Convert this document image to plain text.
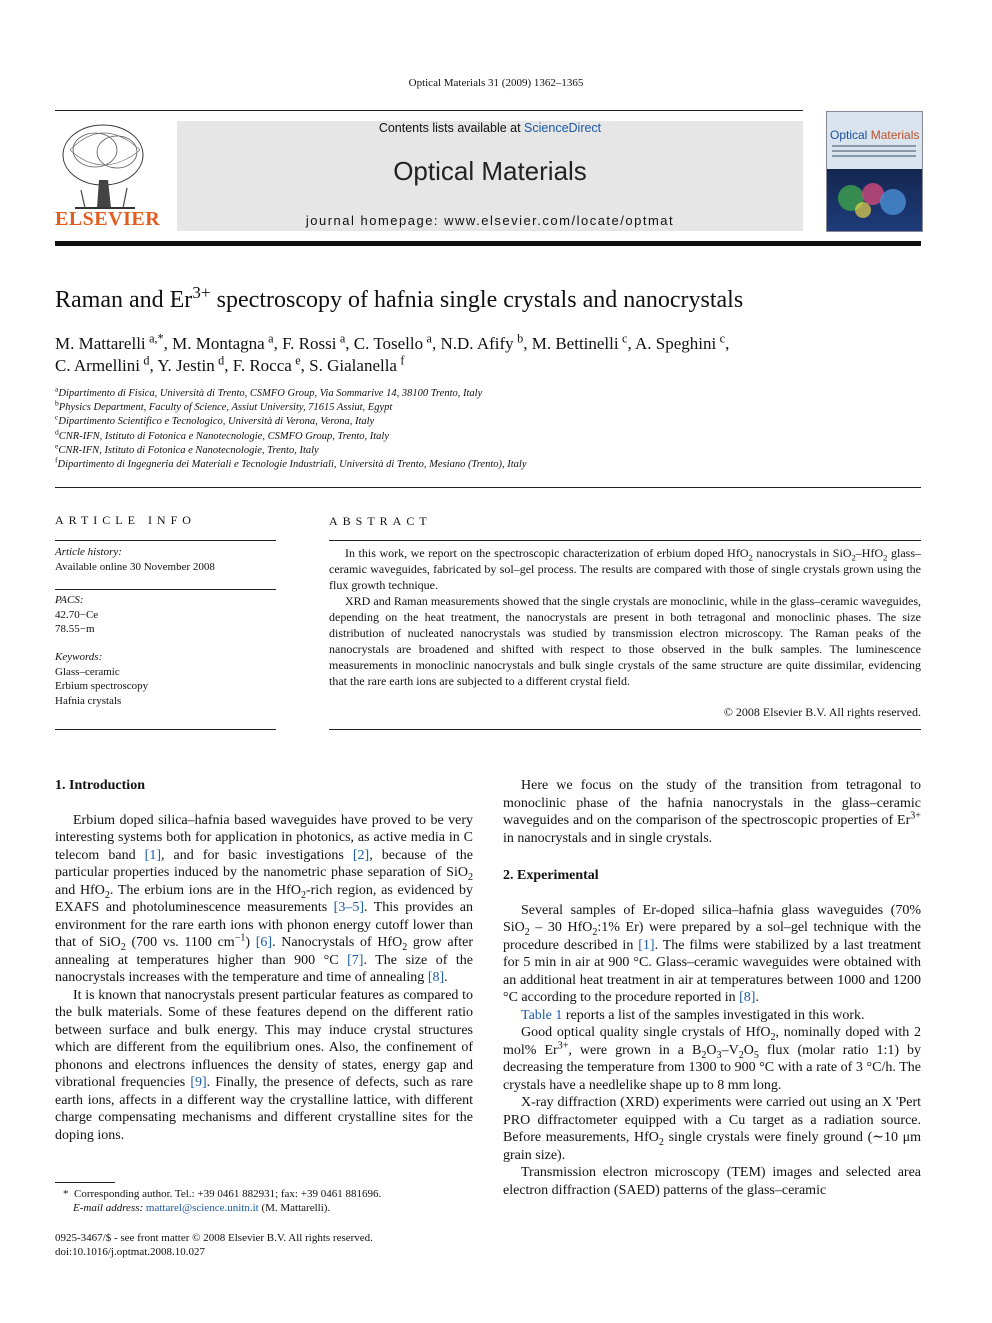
Optical Materials 31 (2009) 1362–1365
ELSEVIER
Contents lists available at ScienceDirect
Optical Materials
journal homepage: www.elsevier.com/locate/optmat
Optical Materials
Raman and $Er^{3+}$ spectroscopy of hafnia single crystals and nanocrystals
M. Mattarelli  $^{a,*}$, M. Montagna  $^a$, F. Rossi  $^a$, C. Tosello  $^a$, N.D. Afify  $^b$, M. Bettinelli  $^c$, A. Speghini  $^c$,
C. Armellini  $^d$, Y. Jestin  $^d$, F. Rocca  $^e$, S. Gialanella  $^f$
$^a$Dipartimento di Fisica, Università di Trento, CSMFO Group, Via Sommarive 14, 38100 Trento, Italy
$^b$Physics Department, Faculty of Science, Assiut University, 71615 Assiut, Egypt
$^c$Dipartimento Scientifico e Tecnologico, Università di Verona, Verona, Italy
$^d$CNR-IFN, Istituto di Fotonica e Nanotecnologie, CSMFO Group, Trento, Italy
$^e$CNR-IFN, Istituto di Fotonica e Nanotecnologie, Trento, Italy
$^f$Dipartimento di Ingegneria dei Materiali e Tecnologie Industriali, Università di Trento, Mesiano (Trento), Italy
ARTICLE INFO	ABSTRACT
Article history:
Available online 30 November 2008
PACS:
42.70−Ce
78.55−m
Keywords:
Glass–ceramic
Erbium spectroscopy
Hafnia crystals

In this work, we report on the spectroscopic characterization of erbium doped HfO$_2$ nanocrystals in SiO$_2$–HfO$_2$ glass–ceramic waveguides, fabricated by sol–gel process. The results are compared with those of single crystals grown using the flux growth technique.

XRD and Raman measurements showed that the single crystals are monoclinic, while in the glass–ceramic waveguides, depending on the heat treatment, the nanocrystals are present in both tetragonal and monoclinic phases. The size distribution of nucleated nanocrystals was studied by transmission electron microscopy. The Raman peaks of the nanocrystals are broadened and shifted with respect to those observed in the bulk samples. The luminescence measurements in monoclinic nanocrystals and bulk single crystals of the same structure are quite dissimilar, evidencing that the rare earth ions are subjected to a different crystal field.

© 2008 Elsevier B.V. All rights reserved.
1. Introduction

Erbium doped silica–hafnia based waveguides have proved to be very interesting systems both for application in photonics, as active media in C telecom band [1], and for basic investigations [2], because of the particular properties induced by the nanometric phase separation of SiO$_2$ and HfO$_2$. The erbium ions are in the HfO$_2$-rich region, as evidenced by EXAFS and photoluminescence measurements [3–5]. This provides an environment for the rare earth ions with phonon energy cutoff lower than that of SiO$_2$ (700 vs. 1100 $cm^{-1}$) [6]. Nanocrystals of HfO$_2$ grow after annealing at temperatures higher than 900 °C [7]. The size of the nanocrystals increases with the temperature and time of annealing [8].

It is known that nanocrystals present particular features as compared to the bulk materials. Some of these features depend on the different ratio between surface and bulk energy. This may induce crystal structures which are different from the equilibrium ones. Also, the confinement of phonons and electrons influences the density of states, energy gap and vibrational frequencies [9]. Finally, the presence of defects, such as rare earth ions, affects in a different way the crystalline lattice, with different charge compensating mechanisms and different crystalline sites for the doping ions.

Here we focus on the study of the transition from tetragonal to monoclinic phase of the hafnia nanocrystals in the glass–ceramic waveguides and on the comparison of the spectroscopic properties of $Er^{3+}$ in nanocrystals and in single crystals.

2. Experimental

Several samples of Er-doped silica–hafnia glass waveguides (70% SiO$_2$ – 30 HfO$_2$:1% Er) were prepared by a sol–gel technique with the procedure described in [1]. The films were stabilized by a last treatment for 5 min in air at 900 °C. Glass–ceramic waveguides were obtained with an additional heat treatment in air at temperatures between 1000 and 1200 °C according to the procedure reported in [8].

Table 1 reports a list of the samples investigated in this work.

Good optical quality single crystals of HfO$_2$, nominally doped with 2 mol% $Er^{3+}$, were grown in a $B_2O_3-V_2O_5$ flux (molar ratio 1:1) by decreasing the temperature from 1300 to 900 °C with a rate of 3 °C/h. The crystals have a needlelike shape up to 8 mm long.

X-ray diffraction (XRD) experiments were carried out using an X 'Pert PRO diffractometer equipped with a Cu target as a radiation source. Before measurements, HfO$_2$ single crystals were finely ground (∼10 μm grain size).

Transmission electron microscopy (TEM) images and selected area electron diffraction (SAED) patterns of the glass–ceramic

*  Corresponding author. Tel.: +39 0461 882931; fax: +39 0461 881696.
E-mail address: mattarel@science.unitn.it (M. Mattarelli).
0925-3467/$ - see front matter © 2008 Elsevier B.V. All rights reserved.
doi:10.1016/j.optmat.2008.10.027
